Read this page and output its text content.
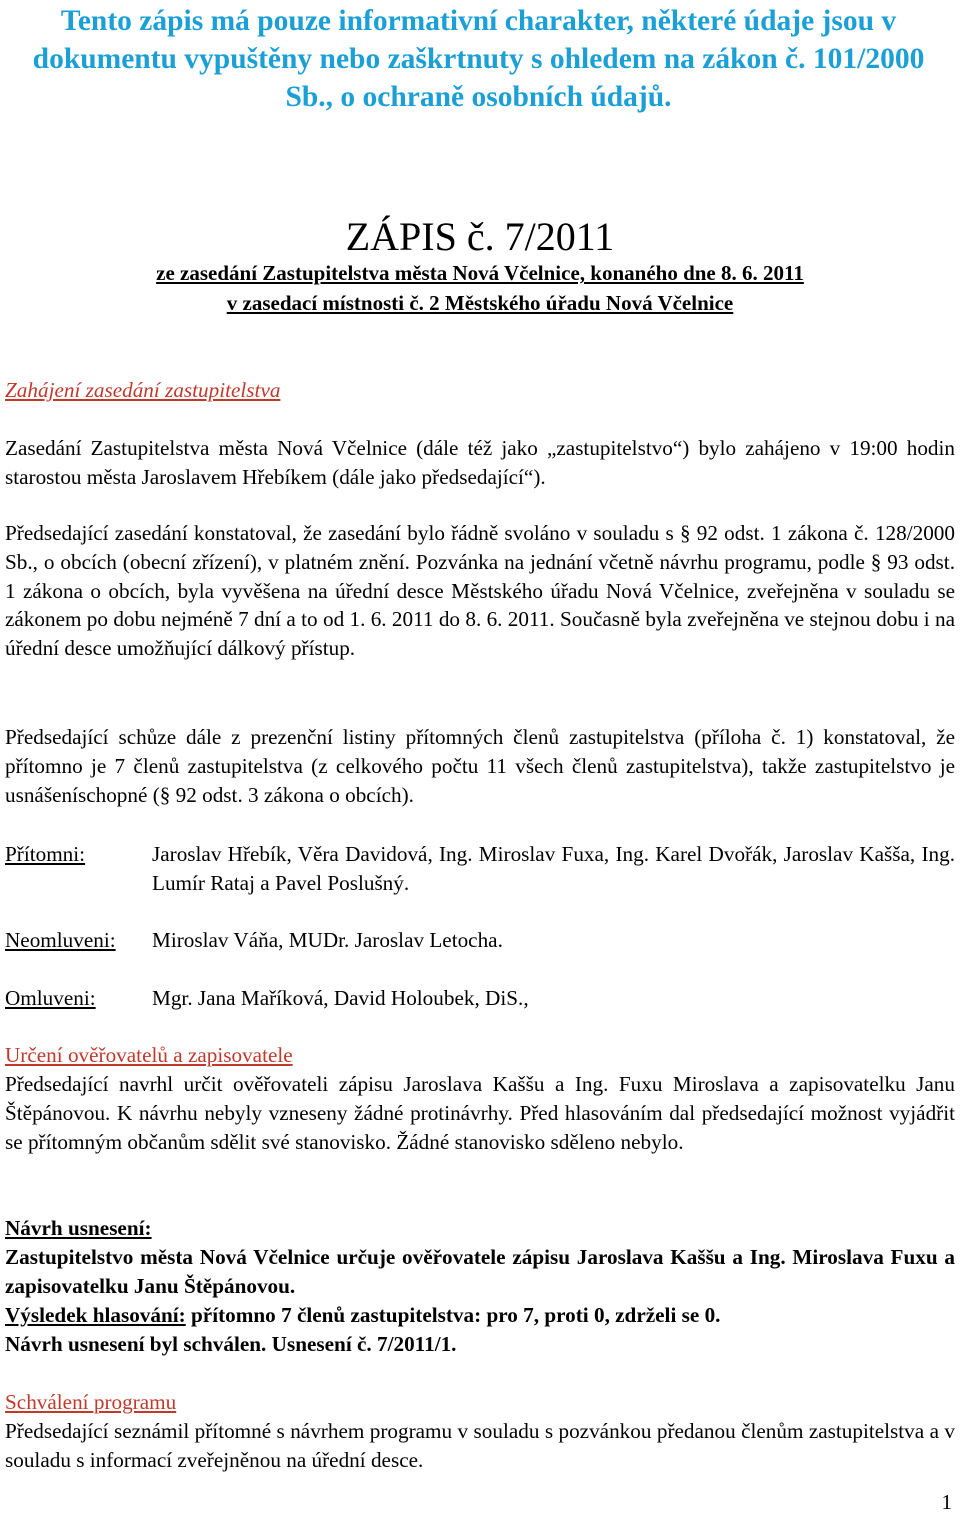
Tento zápis má pouze informativní charakter, některé údaje jsou v dokumentu vypuštěny nebo zaškrtnuty s ohledem na zákon č. 101/2000 Sb., o ochraně osobních údajů.
ZÁPIS č. 7/2011
ze zasedání Zastupitelstva města Nová Včelnice, konaného dne 8. 6. 2011
v zasedací místnosti č. 2 Městského úřadu Nová Včelnice
Zahájení zasedání zastupitelstva
Zasedání Zastupitelstva města Nová Včelnice (dále též jako „zastupitelstvo“) bylo zahájeno v 19:00 hodin starostou města Jaroslavem Hřebíkem (dále jako předsedající“).
Předsedající zasedání konstatoval, že zasedání bylo řádně svoláno v souladu s § 92 odst. 1 zákona č. 128/2000 Sb., o obcích (obecní zřízení), v platném znění. Pozvánka na jednání včetně návrhu programu, podle § 93 odst. 1 zákona o obcích, byla vyvěšena na úřední desce Městského úřadu Nová Včelnice, zveřejněna v souladu se zákonem po dobu nejméně 7 dní a to od 1. 6. 2011 do 8. 6. 2011. Současně byla zveřejněna ve stejnou dobu i na úřední desce umožňující dálkový přístup.
Předsedající schůze dále z prezenční listiny přítomných členů zastupitelstva (příloha č. 1) konstatoval, že přítomno je 7 členů zastupitelstva (z celkového počtu 11 všech členů zastupitelstva), takže zastupitelstvo je usnášeníschopné (§ 92 odst. 3 zákona o obcích).
Přítomni:	Jaroslav Hřebík, Věra Davidová, Ing. Miroslav Fuxa, Ing. Karel Dvořák, Jaroslav Kašša, Ing. Lumír Rataj a Pavel Poslušný.
Neomluveni: Miroslav Váňa, MUDr. Jaroslav Letocha.
Omluveni:	Mgr. Jana Maříková, David Holoubek, DiS.,
Určení ověřovatelů a zapisovatele
Předsedající navrhl určit ověřovateli zápisu Jaroslava Kaššu a Ing. Fuxu Miroslava a zapisovatelku Janu Štěpánovou. K návrhu nebyly vzneseny žádné protinávrhy. Před hlasováním dal předsedající možnost vyjádřit se přítomným občanům sdělit své stanovisko. Žádné stanovisko sděleno nebylo.
Návrh usnesení:
Zastupitelstvo města Nová Včelnice určuje ověřovatele zápisu Jaroslava Kaššu a Ing. Miroslava Fuxu a zapisovatelku Janu Štěpánovou.
Výsledek hlasování: přítomno 7 členů zastupitelstva: pro 7, proti 0, zdrželi se 0.
Návrh usnesení byl schválen. Usnesení č. 7/2011/1.
Schválení programu
Předsedající seznámil přítomné s návrhem programu v souladu s pozvánkou předanou členům zastupitelstva a v souladu s informací zveřejněnou na úřední desce.
1
